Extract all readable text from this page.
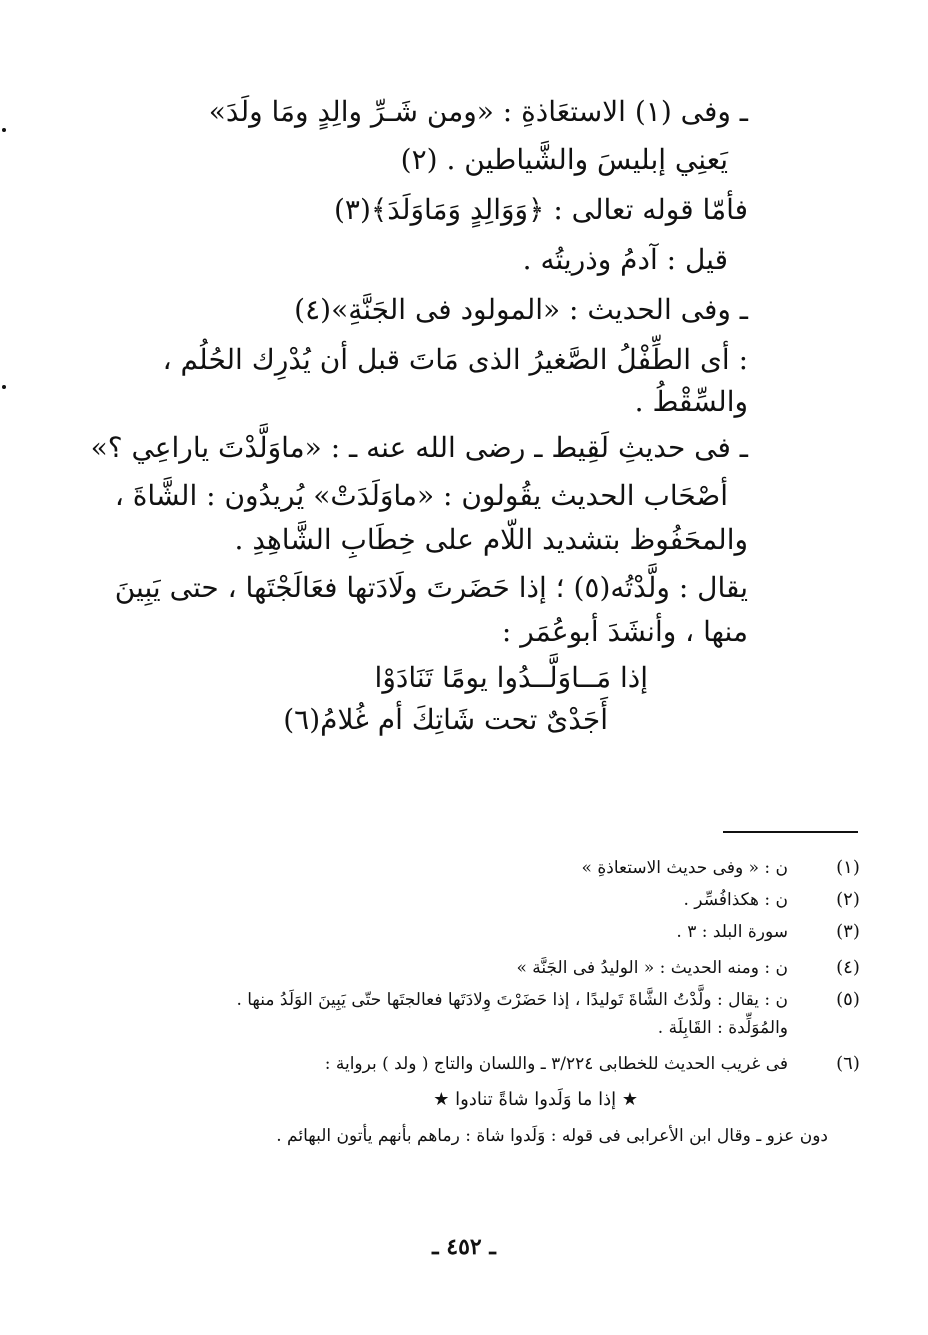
ـ وفى (١) الاستعَاذةِ : «ومن شَـرِّ والِدٍ ومَا ولَدَ»
يَعنِي إبليسَ والشَّياطين . (٢)
فأمّا قوله تعالى : ﴿وَوَالِدٍ وَمَاوَلَدَ﴾(٣)
قيل : آدمُ وذريتُه .
ـ وفى الحديث : «المولود فى الجَنَّةِ»(٤)
: أى الطِّفْلُ الصَّغيرُ الذى مَاتَ قبل أن يُدْرِك الحُلُم ،
والسِّقْطُ .
ـ فى حديثِ لَقِيط ـ رضى الله عنه ـ : «ماوَلَّدْتَ ياراعِي ؟»
أصْحَاب الحديث يقُولون : «ماوَلَدَتْ» يُريدُون : الشَّاةَ ،
والمحَفُوظ بتشديد اللّام على خِطَابِ الشَّاهِدِ .
يقال : ولَّدْتُه(٥) ؛ إذا حَضَرتَ ولَادَتها فعَالَجْتَها ، حتى يَبِينَ
منها ، وأنشَدَ أبوعُمَر :
إذا مَــاوَلَّــدُوا يومًا تَنَادَوْا
أَجَدْىٌ تحت شَاتِكَ أم غُلامُ(٦)
(١)
ن : « وفى حديث الاستعاذةِ »
(٢)
ن : هكذافُسِّر .
(٣)
سورة البلد : ٣ .
(٤)
ن : ومنه الحديث : « الوليدُ فى الجَنَّة »
(٥)
ن : يقال : ولَّدْتُ الشَّاةَ تَوليدًا ، إذا حَضَرْتَ وِلادَتَها فعالجتَها حتّى يَبِينَ الوَلَدُ منها .
والمُوَلِّدة : القَابِلَة .
(٦)
فى غريب الحديث للخطابى ٣/٢٢٤ ـ واللسان والتاج ( ولد ) برواية :
★ إذا ما وَلَدوا شاةً تنادوا ★
دون عزو ـ وقال ابن الأعرابى فى قوله : وَلَدوا شاة : رماهم بأنهم يأتون البهائم .
ـ ٤٥٢ ـ
